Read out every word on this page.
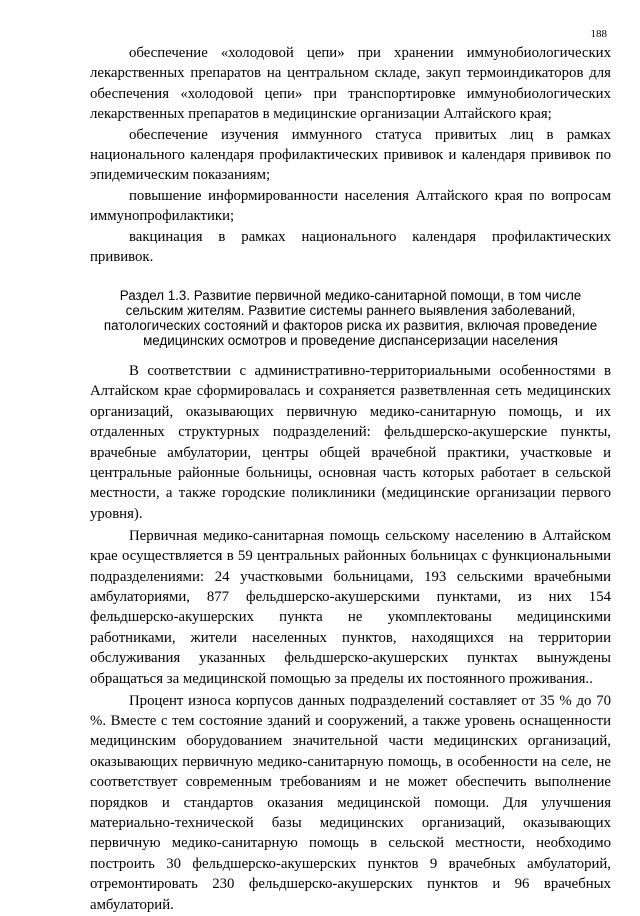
188

обеспечение «холодовой цепи» при хранении иммунобиологических лекарственных препаратов на центральном складе, закуп термоиндикаторов для обеспечения «холодовой цепи» при транспортировке иммунобиологических лекарственных препаратов в медицинские организации Алтайского края;

обеспечение изучения иммунного статуса привитых лиц в рамках национального календаря профилактических прививок и календаря прививок по эпидемическим показаниям;

повышение информированности населения Алтайского края по вопросам иммунопрофилактики;

вакцинация в рамках национального календаря профилактических прививок.

Раздел 1.3. Развитие первичной медико-санитарной помощи, в том числе сельским жителям. Развитие системы раннего выявления заболеваний, патологических состояний и факторов риска их развития, включая проведение медицинских осмотров и проведение диспансеризации населения

В соответствии с административно-территориальными особенностями в Алтайском крае сформировалась и сохраняется разветвленная сеть медицинских организаций, оказывающих первичную медико-санитарную помощь, и их отдаленных структурных подразделений: фельдшерско-акушерские пункты, врачебные амбулатории, центры общей врачебной практики, участковые и центральные районные больницы, основная часть которых работает в сельской местности, а также городские поликлиники (медицинские организации первого уровня).

Первичная медико-санитарная помощь сельскому населению в Алтайском крае осуществляется в 59 центральных районных больницах с функциональными подразделениями: 24 участковыми больницами, 193 сельскими врачебными амбулаториями, 877 фельдшерско-акушерскими пунктами, из них 154 фельдшерско-акушерских пункта не укомплектованы медицинскими работниками, жители населенных пунктов, находящихся на территории обслуживания указанных фельдшерско-акушерских пунктах вынуждены обращаться за медицинской помощью за пределы их постоянного проживания..

Процент износа корпусов данных подразделений составляет от 35 % до 70 %. Вместе с тем состояние зданий и сооружений, а также уровень оснащенности медицинским оборудованием значительной части медицинских организаций, оказывающих первичную медико-санитарную помощь, в особенности на селе, не соответствует современным требованиям и не может обеспечить выполнение порядков и стандартов оказания медицинской помощи. Для улучшения материально-технической базы медицинских организаций, оказывающих первичную медико-санитарную помощь в сельской местности, необходимо построить 30 фельдшерско-акушерских пунктов 9 врачебных амбулаторий, отремонтировать 230 фельдшерско-акушерских пунктов и 96 врачебных амбулаторий.
